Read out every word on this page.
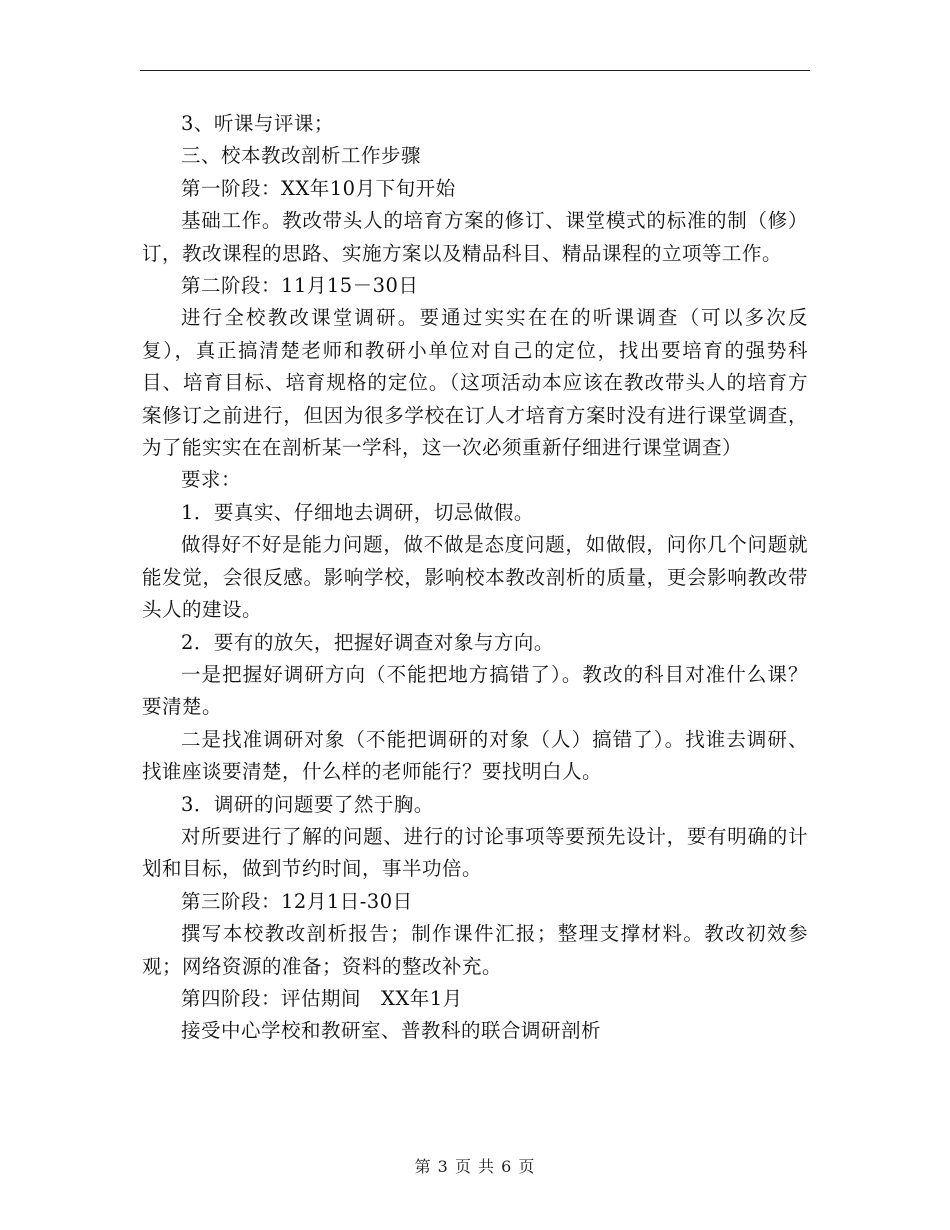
3、听课与评课；

三、校本教改剖析工作步骤

第一阶段：XX年10月下旬开始

基础工作。教改带头人的培育方案的修订、课堂模式的标准的制（修）订，教改课程的思路、实施方案以及精品科目、精品课程的立项等工作。

第二阶段：11月15－30日

进行全校教改课堂调研。要通过实实在在的听课调查（可以多次反复），真正搞清楚老师和教研小单位对自己的定位，找出要培育的强势科目、培育目标、培育规格的定位。（这项活动本应该在教改带头人的培育方案修订之前进行，但因为很多学校在订人才培育方案时没有进行课堂调查，为了能实实在在剖析某一学科，这一次必须重新仔细进行课堂调查）

要求：

1．要真实、仔细地去调研，切忌做假。

做得好不好是能力问题，做不做是态度问题，如做假，问你几个问题就能发觉，会很反感。影响学校，影响校本教改剖析的质量，更会影响教改带头人的建设。

2．要有的放矢，把握好调查对象与方向。

一是把握好调研方向（不能把地方搞错了）。教改的科目对准什么课？要清楚。

二是找准调研对象（不能把调研的对象（人）搞错了）。找谁去调研、找谁座谈要清楚，什么样的老师能行？要找明白人。

3．调研的问题要了然于胸。

对所要进行了解的问题、进行的讨论事项等要预先设计，要有明确的计划和目标，做到节约时间，事半功倍。

第三阶段：12月1日-30日

撰写本校教改剖析报告；制作课件汇报；整理支撑材料。教改初效参观；网络资源的准备；资料的整改补充。

第四阶段：评估期间　XX年1月

接受中心学校和教研室、普教科的联合调研剖析

第 3 页 共 6 页
